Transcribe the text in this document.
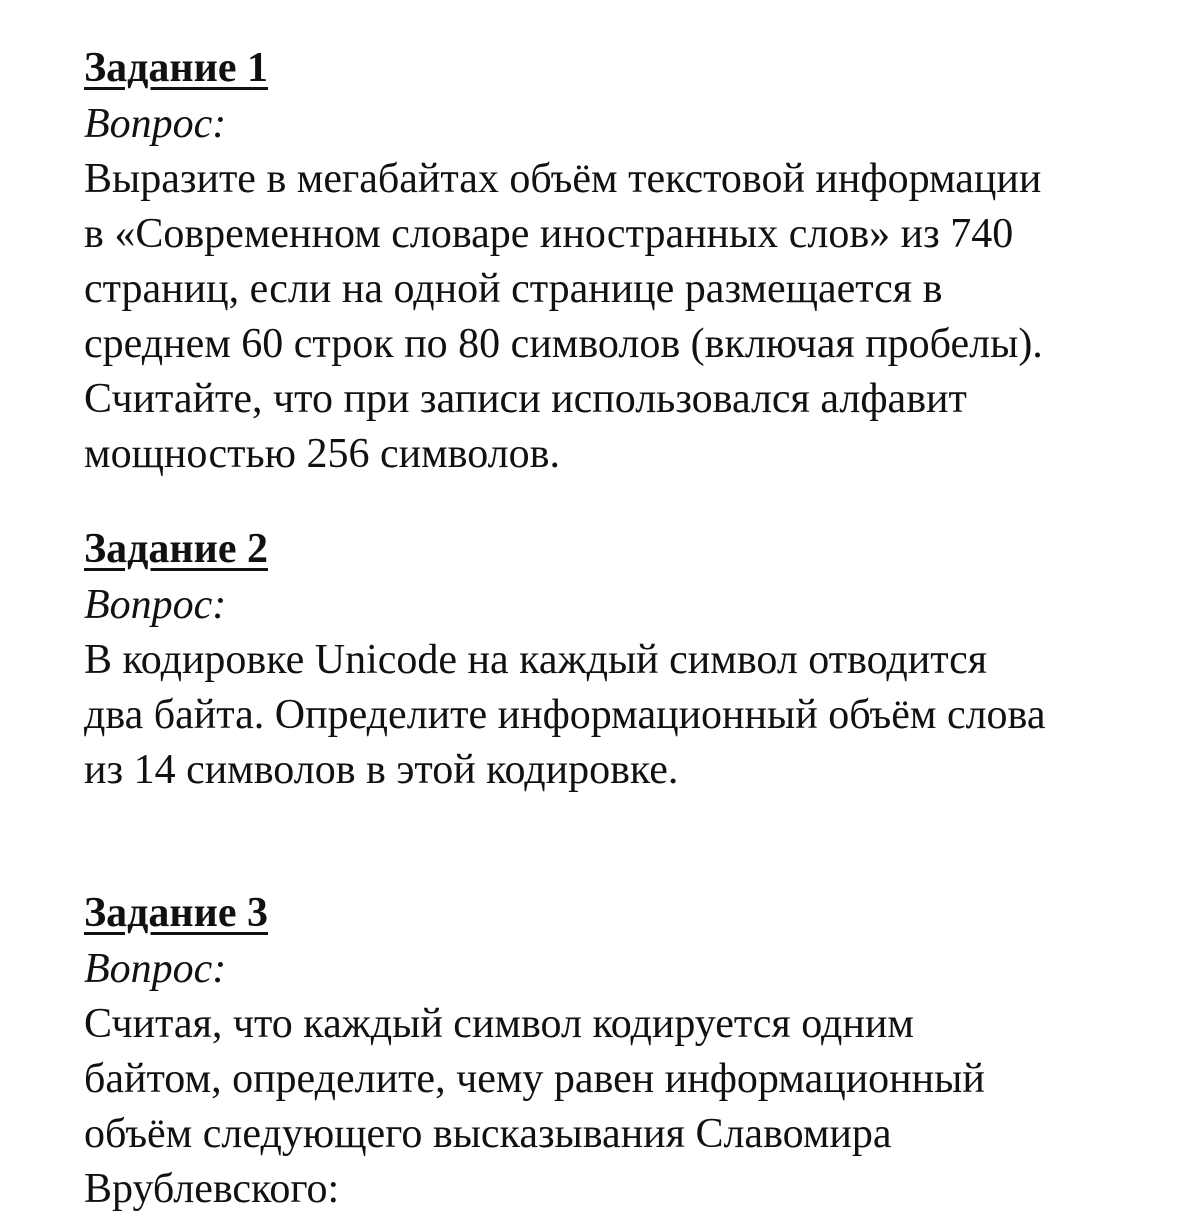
Задание 1

Вопрос:

Выразите в мегабайтах объём текстовой информации
в «Современном словаре иностранных слов» из 740
страниц, если на одной странице размещается в
среднем 60 строк по 80 символов (включая пробелы).
Считайте, что при записи использовался алфавит
мощностью 256 символов.

Задание 2

Вопрос:

В кодировке Unicode на каждый символ отводится
два байта. Определите информационный объём слова
из 14 символов в этой кодировке.

Задание 3

Вопрос:

Считая, что каждый символ кодируется одним
байтом, определите, чему равен информационный
объём следующего высказывания Славомира
Врублевского:
